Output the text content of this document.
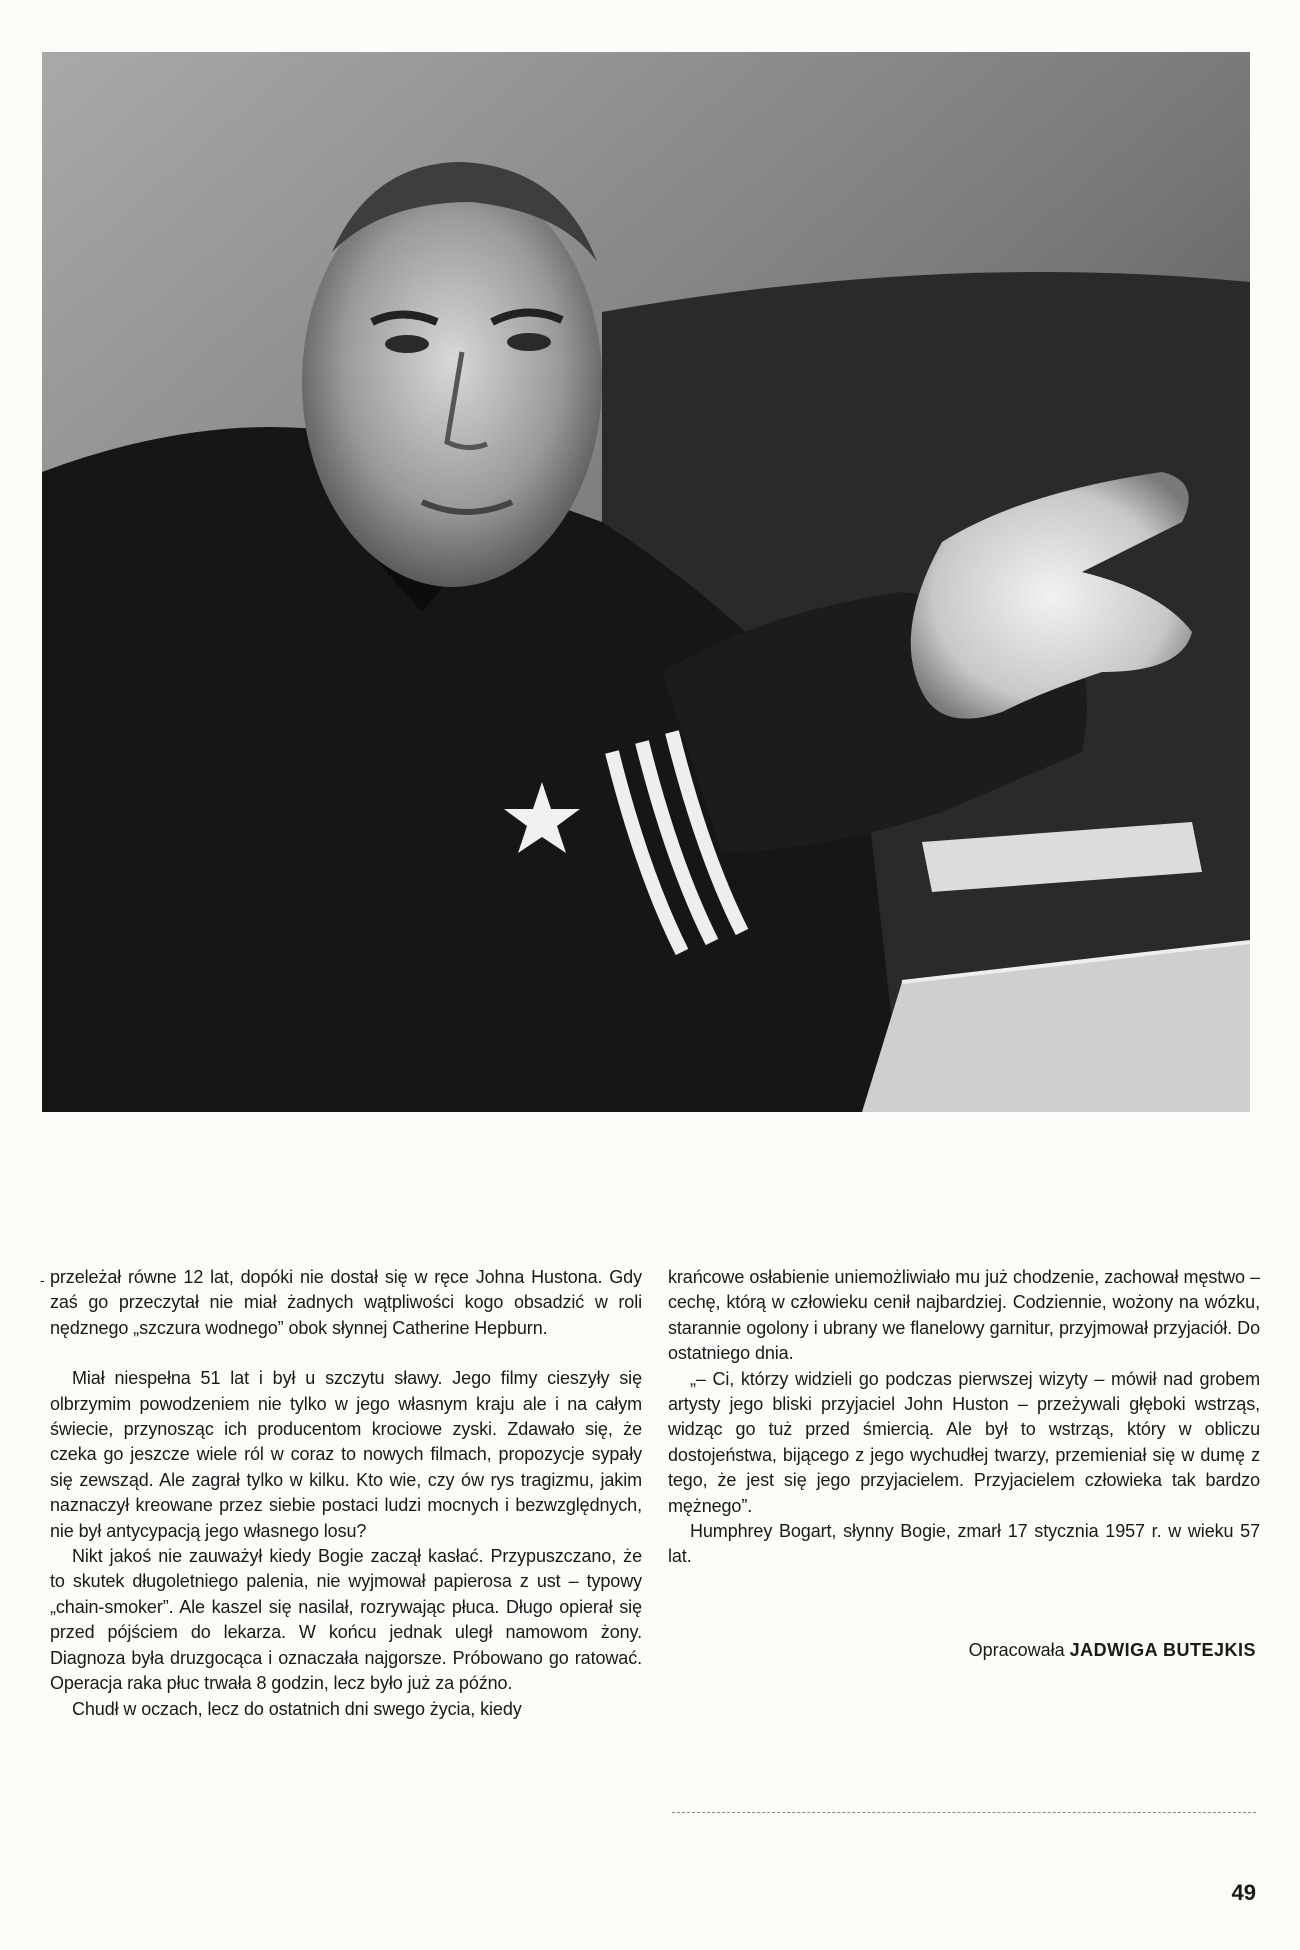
- przeleżał równe 12 lat, dopóki nie dostał się w ręce Johna Hustona. Gdy zaś go przeczytał nie miał żadnych wątpliwości kogo obsadzić w roli nędznego „szczura wodnego” obok słynnej Catherine Hepburn.

Miał niespełna 51 lat i był u szczytu sławy. Jego filmy cieszyły się olbrzymim powodzeniem nie tylko w jego własnym kraju ale i na całym świecie, przynosząc ich producentom krociowe zyski. Zdawało się, że czeka go jeszcze wiele ról w coraz to nowych filmach, propozycje sypały się zewsząd. Ale zagrał tylko w kilku. Kto wie, czy ów rys tragizmu, jakim naznaczył kreowane przez siebie postaci ludzi mocnych i bezwzględnych, nie był antycypacją jego własnego losu?

Nikt jakoś nie zauważył kiedy Bogie zaczął kasłać. Przypuszczano, że to skutek długoletniego palenia, nie wyjmował papierosa z ust – typowy „chain-smoker”. Ale kaszel się nasilał, rozrywając płuca. Długo opierał się przed pójściem do lekarza. W końcu jednak uległ namowom żony. Diagnoza była druzgocąca i oznaczała najgorsze. Próbowano go ratować. Operacja raka płuc trwała 8 godzin, lecz było już za późno.

Chudł w oczach, lecz do ostatnich dni swego życia, kiedy

krańcowe osłabienie uniemożliwiało mu już chodzenie, zachował męstwo – cechę, którą w człowieku cenił najbardziej. Codziennie, wożony na wózku, starannie ogolony i ubrany we flanelowy garnitur, przyjmował przyjaciół. Do ostatniego dnia.

„– Ci, którzy widzieli go podczas pierwszej wizyty – mówił nad grobem artysty jego bliski przyjaciel John Huston – przeżywali głęboki wstrząs, widząc go tuż przed śmiercią. Ale był to wstrząs, który w obliczu dostojeństwa, bijącego z jego wychudłej twarzy, przemieniał się w dumę z tego, że jest się jego przyjacielem. Przyjacielem człowieka tak bardzo mężnego”.

Humphrey Bogart, słynny Bogie, zmarł 17 stycznia 1957 r. w wieku 57 lat.

Opracowała JADWIGA BUTEJKIS
49
